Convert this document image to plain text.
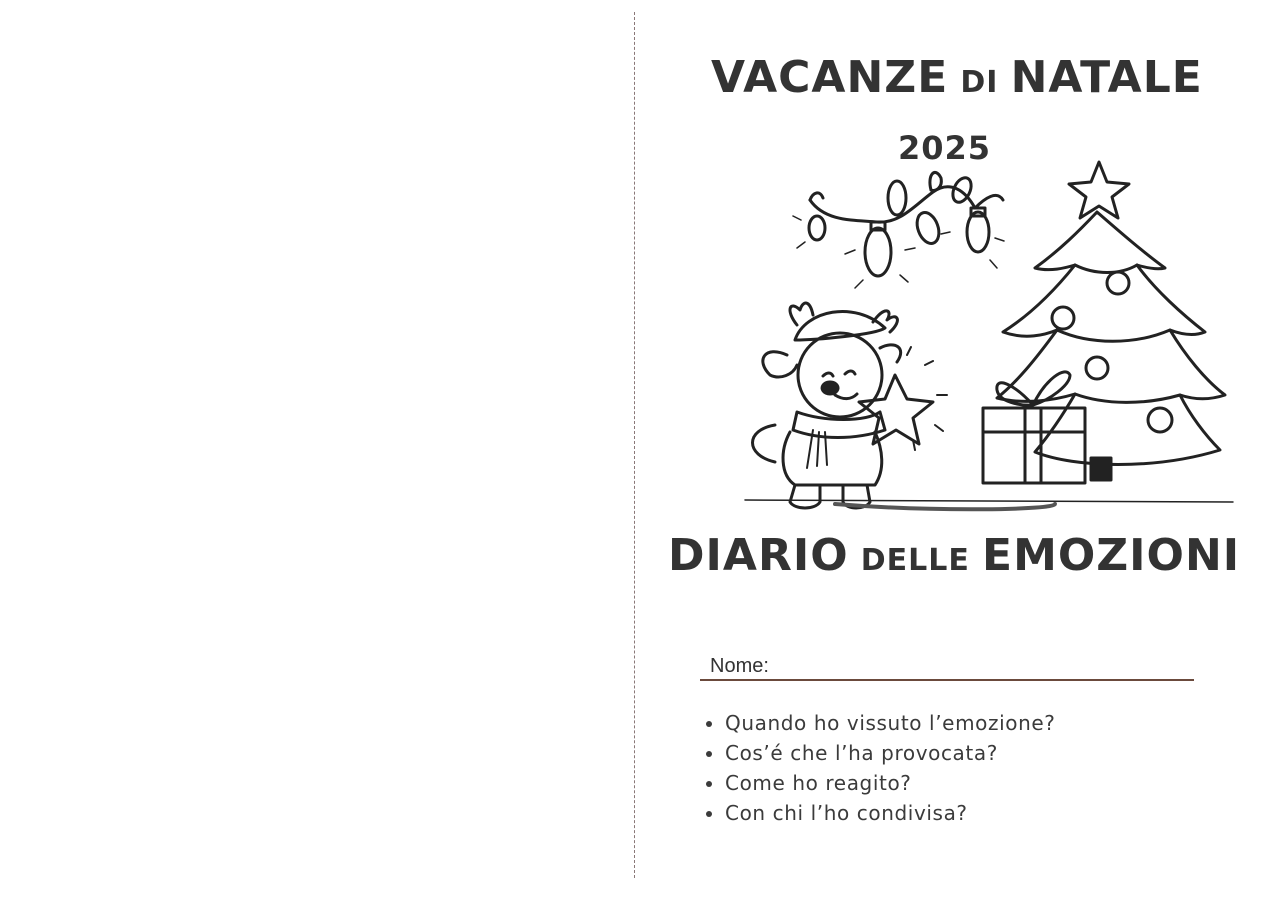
VACANZE DI NATALE
2025
DIARIO DELLE EMOZIONI
Nome:
• Quando ho vissuto l’emozione?
• Cos’é che l’ha provocata?
• Come ho reagito?
• Con chi l’ho condivisa?
